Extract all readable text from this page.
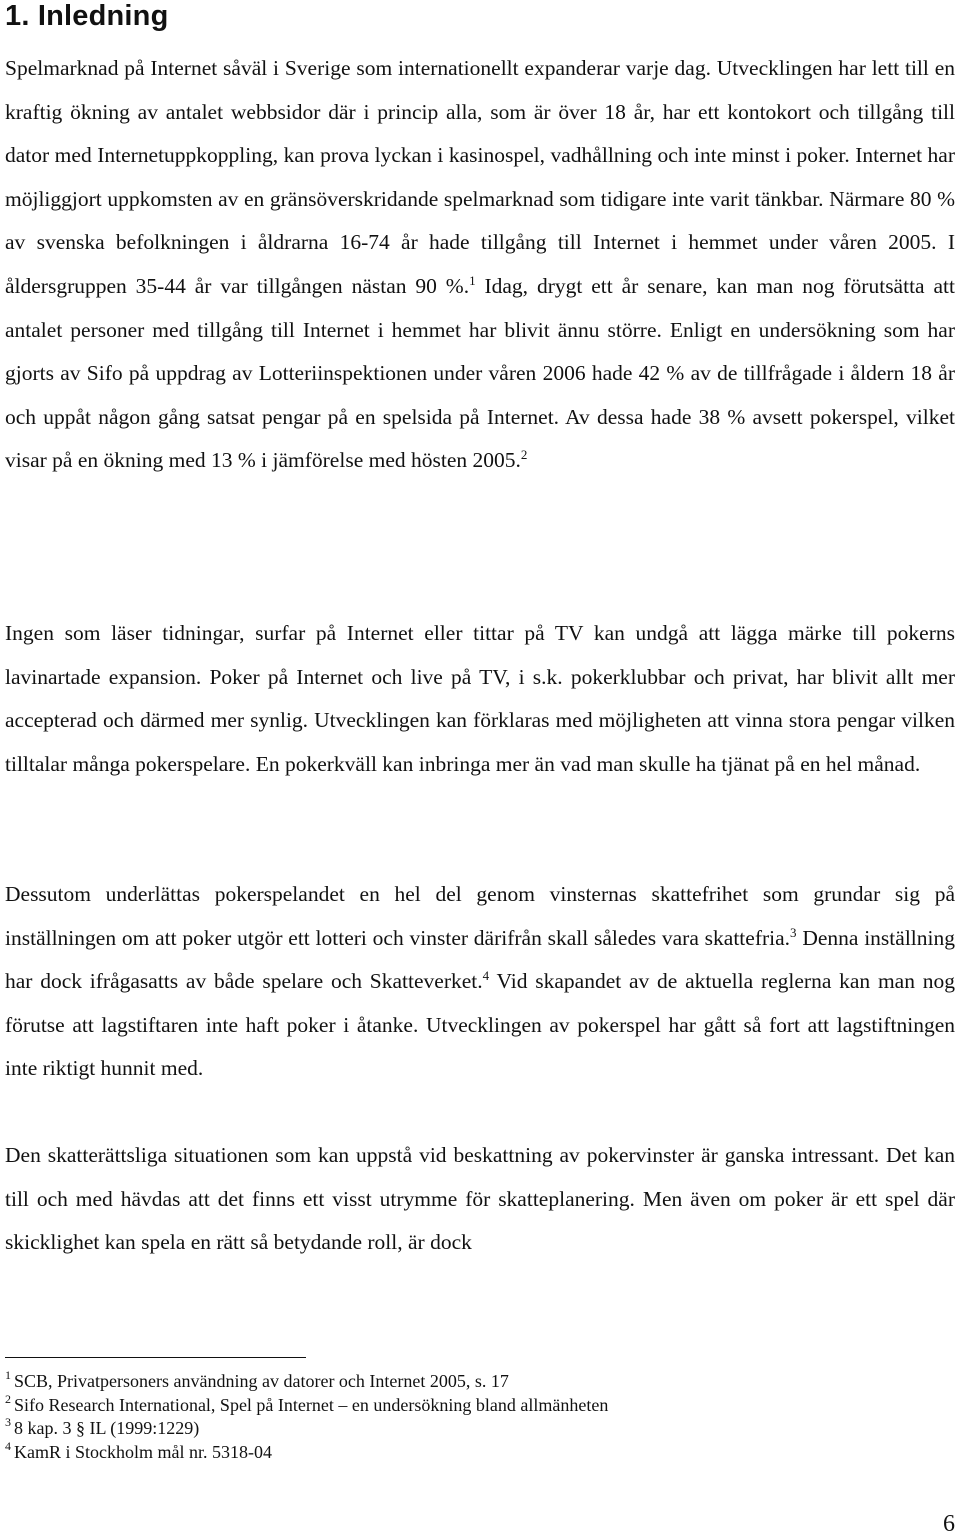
1. Inledning

Spelmarknad på Internet såväl i Sverige som internationellt expanderar varje dag. Utvecklingen har lett till en kraftig ökning av antalet webbsidor där i princip alla, som är över 18 år, har ett kontokort och tillgång till dator med Internetuppkoppling, kan prova lyckan i kasinospel, vadhållning och inte minst i poker. Internet har möjliggjort uppkomsten av en gränsöverskridande spelmarknad som tidigare inte varit tänkbar. Närmare 80 % av svenska befolkningen i åldrarna 16-74 år hade tillgång till Internet i hemmet under våren 2005. I åldersgruppen 35-44 år var tillgången nästan 90 %.$^1$ Idag, drygt ett år senare, kan man nog förutsätta att antalet personer med tillgång till Internet i hemmet har blivit ännu större. Enligt en undersökning som har gjorts av Sifo på uppdrag av Lotteriinspektionen under våren 2006 hade 42 % av de tillfrågade i åldern 18 år och uppåt någon gång satsat pengar på en spelsida på Internet. Av dessa hade 38 % avsett pokerspel, vilket visar på en ökning med 13 % i jämförelse med hösten 2005.$^2$

Ingen som läser tidningar, surfar på Internet eller tittar på TV kan undgå att lägga märke till pokerns lavinartade expansion. Poker på Internet och live på TV, i s.k. pokerklubbar och privat, har blivit allt mer accepterad och därmed mer synlig. Utvecklingen kan förklaras med möjligheten att vinna stora pengar vilken tilltalar många pokerspelare. En pokerkväll kan inbringa mer än vad man skulle ha tjänat på en hel månad.

Dessutom underlättas pokerspelandet en hel del genom vinsternas skattefrihet som grundar sig på inställningen om att poker utgör ett lotteri och vinster därifrån skall således vara skattefria.$^3$ Denna inställning har dock ifrågasatts av både spelare och Skatteverket.$^4$ Vid skapandet av de aktuella reglerna kan man nog förutse att lagstiftaren inte haft poker i åtanke. Utvecklingen av pokerspel har gått så fort att lagstiftningen inte riktigt hunnit med.

Den skatterättsliga situationen som kan uppstå vid beskattning av pokervinster är ganska intressant. Det kan till och med hävdas att det finns ett visst utrymme för skatteplanering. Men även om poker är ett spel där skicklighet kan spela en rätt så betydande roll, är dock

$^1$ SCB, Privatpersoners användning av datorer och Internet 2005, s. 17
$^2$ Sifo Research International, Spel på Internet – en undersökning bland allmänheten
$^3$ 8 kap. 3 § IL (1999:1229)
$^4$ KamR i Stockholm mål nr. 5318-04
6
